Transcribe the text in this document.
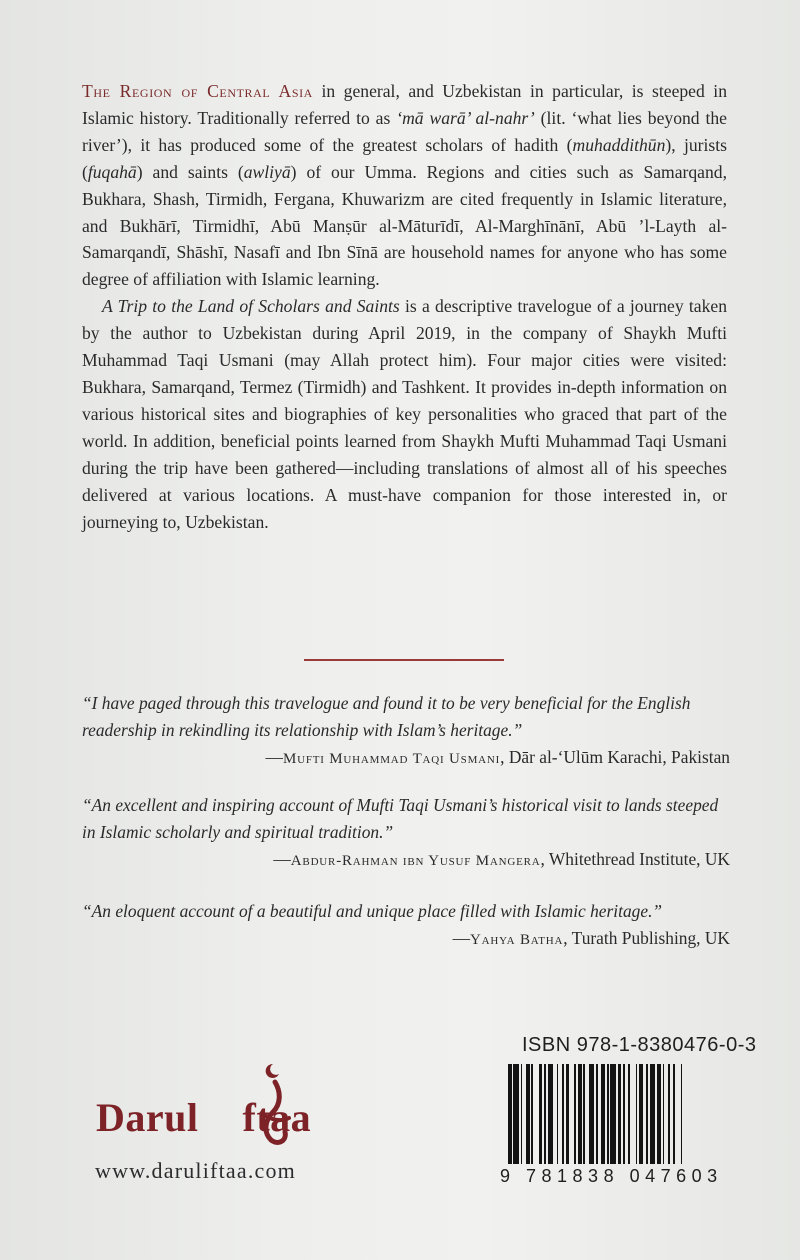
The Region of Central Asia in general, and Uzbekistan in particular, is steeped in Islamic history. Traditionally referred to as ‘mā warā’ al-nahr’ (lit. ‘what lies beyond the river’), it has produced some of the greatest scholars of hadith (muhaddithūn), jurists (fuqahā) and saints (awliyā) of our Umma. Regions and cities such as Samarqand, Bukhara, Shash, Tirmidh, Fergana, Khuwarizm are cited frequently in Islamic literature, and Bukhārī, Tirmidhī, Abū Manṣūr al-Māturīdī, Al-Marghīnānī, Abū ’l-Layth al-Samarqandī, Shāshī, Nasafī and Ibn Sīnā are household names for anyone who has some degree of affiliation with Islamic learning.

A Trip to the Land of Scholars and Saints is a descriptive travelogue of a journey taken by the author to Uzbekistan during April 2019, in the company of Shaykh Mufti Muhammad Taqi Usmani (may Allah protect him). Four major cities were visited: Bukhara, Samarqand, Termez (Tirmidh) and Tashkent. It provides in-depth information on various historical sites and biographies of key personalities who graced that part of the world. In addition, beneficial points learned from Shaykh Mufti Muhammad Taqi Usmani during the trip have been gathered—including translations of almost all of his speeches delivered at various locations. A must-have companion for those interested in, or journeying to, Uzbekistan.

“I have paged through this travelogue and found it to be very beneficial for the English readership in rekindling its relationship with Islam’s heritage.”

—Mufti Muhammad Taqi Usmani, Dār al-‘Ulūm Karachi, Pakistan

“An excellent and inspiring account of Mufti Taqi Usmani’s historical visit to lands steeped in Islamic scholarly and spiritual tradition.”

—Abdur-Rahman ibn Yusuf Mangera, Whitethread Institute, UK

“An eloquent account of a beautiful and unique place filled with Islamic heritage.”

—Yahya Batha, Turath Publishing, UK

Darul ftaa
www.daruliftaa.com
ISBN 978-1-8380476-0-3
9 781838 047603
